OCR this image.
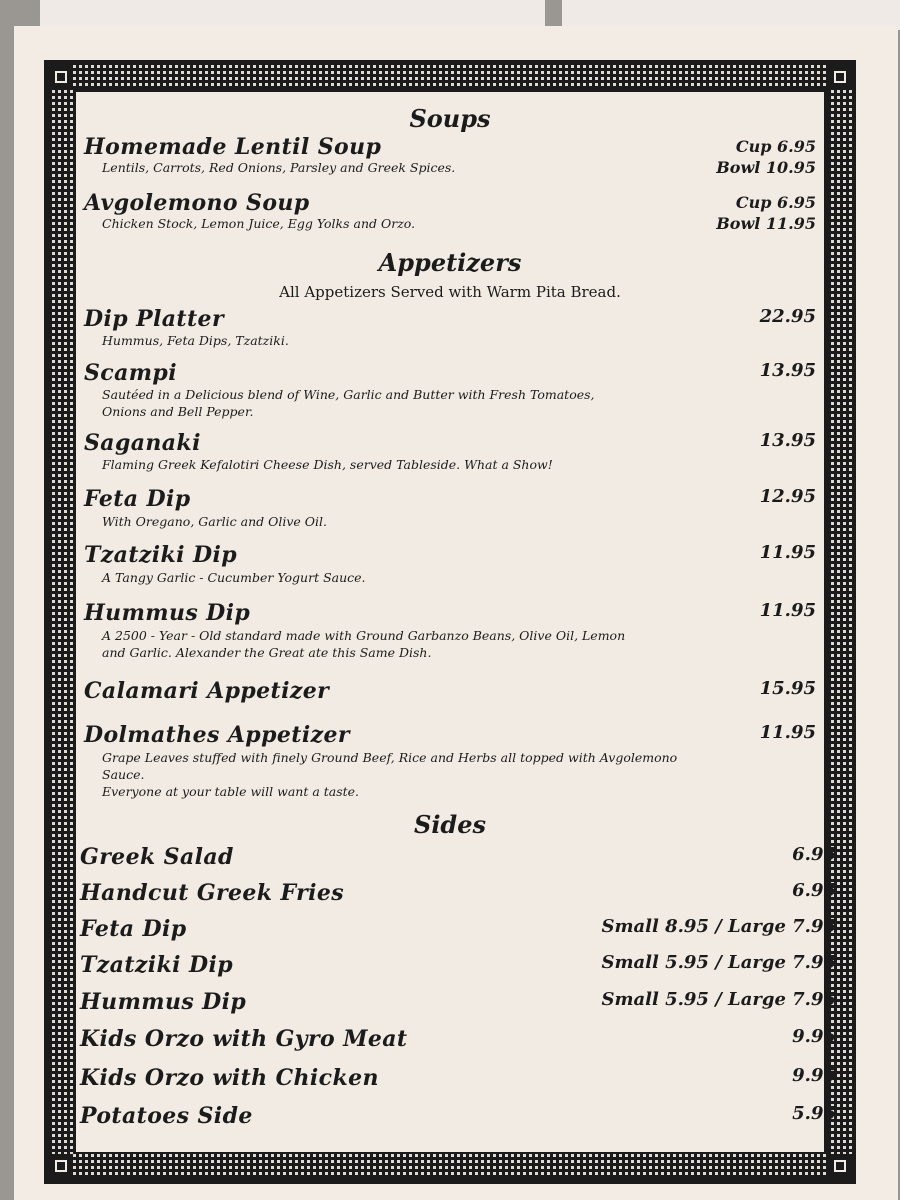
Soups
Homemade Lentil Soup
Lentils, Carrots, Red Onions, Parsley and Greek Spices.
Cup 6.95
Bowl 10.95
Avgolemono Soup
Chicken Stock, Lemon Juice, Egg Yolks and Orzo.
Cup 6.95
Bowl 11.95
Appetizers
All Appetizers Served with Warm Pita Bread.
Dip Platter
Hummus, Feta Dips, Tzatziki.
22.95
Scampi
Sautéed in a Delicious blend of Wine, Garlic and Butter with Fresh Tomatoes,
Onions and Bell Pepper.
13.95
Saganaki
Flaming Greek Kefalotiri Cheese Dish, served Tableside. What a Show!
13.95
Feta Dip
With Oregano, Garlic and Olive Oil.
12.95
Tzatziki Dip
A Tangy Garlic - Cucumber Yogurt Sauce.
11.95
Hummus Dip
A 2500 - Year - Old standard made with Ground Garbanzo Beans, Olive Oil, Lemon
and Garlic. Alexander the Great ate this Same Dish.
11.95
Calamari Appetizer	15.95
Dolmathes Appetizer
Grape Leaves stuffed with finely Ground Beef, Rice and Herbs all topped with Avgolemono Sauce.
Everyone at your table will want a taste.
11.95
Sides
Greek Salad	6.95
Handcut Greek Fries	6.95
Feta Dip	Small 8.95 / Large 7.95
Tzatziki Dip	Small 5.95 / Large 7.95
Hummus Dip	Small 5.95 / Large 7.95
Kids Orzo with Gyro Meat	9.95
Kids Orzo with Chicken	9.95
Potatoes Side	5.95
